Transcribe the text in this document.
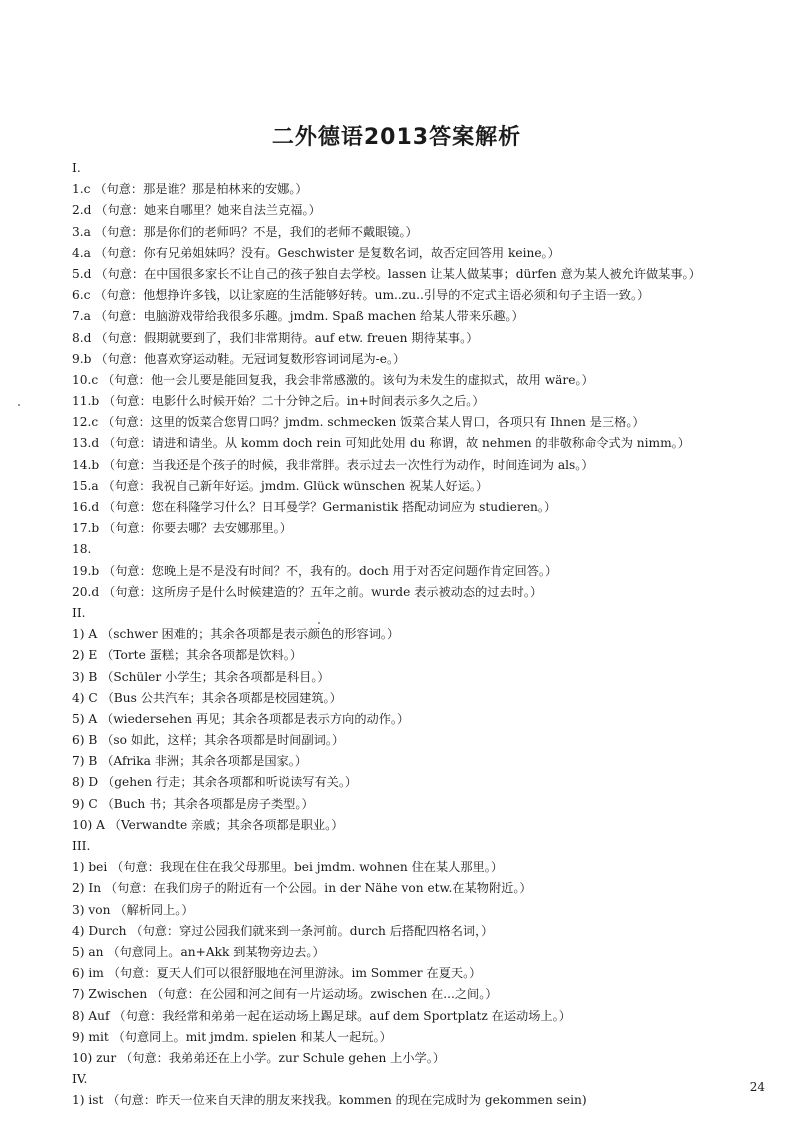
二外德语2013答案解析
I.
1.c （句意：那是谁？那是柏林来的安娜。）
2.d （句意：她来自哪里？她来自法兰克福。）
3.a （句意：那是你们的老师吗？不是，我们的老师不戴眼镜。）
4.a （句意：你有兄弟姐妹吗？没有。Geschwister 是复数名词，故否定回答用 keine。）
5.d （句意：在中国很多家长不让自己的孩子独自去学校。lassen 让某人做某事；dürfen 意为某人被允许做某事。）
6.c （句意：他想挣许多钱，以让家庭的生活能够好转。um..zu..引导的不定式主语必须和句子主语一致。）
7.a （句意：电脑游戏带给我很多乐趣。jmdm. Spaß machen 给某人带来乐趣。）
8.d （句意：假期就要到了，我们非常期待。auf etw. freuen 期待某事。）
9.b （句意：他喜欢穿运动鞋。无冠词复数形容词词尾为-e。）
10.c （句意：他一会儿要是能回复我，我会非常感激的。该句为未发生的虚拟式，故用 wäre。）
11.b （句意：电影什么时候开始？二十分钟之后。in+时间表示多久之后。）
12.c （句意：这里的饭菜合您胃口吗？jmdm. schmecken 饭菜合某人胃口，各项只有 Ihnen 是三格。）
13.d （句意：请进和请坐。从 komm doch rein 可知此处用 du 称谓，故 nehmen 的非敬称命令式为 nimm。）
14.b （句意：当我还是个孩子的时候，我非常胖。表示过去一次性行为动作，时间连词为 als。）
15.a （句意：我祝自己新年好运。jmdm. Glück wünschen 祝某人好运。）
16.d （句意：您在科隆学习什么？日耳曼学？Germanistik 搭配动词应为 studieren。）
17.b （句意：你要去哪？去安娜那里。）
18.
19.b （句意：您晚上是不是没有时间？不，我有的。doch 用于对否定问题作肯定回答。）
20.d （句意：这所房子是什么时候建造的？五年之前。wurde 表示被动态的过去时。）
II.
1) A （schwer 困难的；其余各项都是表示颜色的形容词。）
2) E （Torte 蛋糕；其余各项都是饮料。）
3) B （Schüler 小学生；其余各项都是科目。）
4) C （Bus 公共汽车；其余各项都是校园建筑。）
5) A （wiedersehen 再见；其余各项都是表示方向的动作。）
6) B （so 如此，这样；其余各项都是时间副词。）
7) B （Afrika 非洲；其余各项都是国家。）
8) D （gehen 行走；其余各项都和听说读写有关。）
9) C （Buch 书；其余各项都是房子类型。）
10) A （Verwandte 亲戚；其余各项都是职业。）
III.
1) bei （句意：我现在住在我父母那里。bei jmdm. wohnen 住在某人那里。）
2) In （句意：在我们房子的附近有一个公园。in der Nähe von etw.在某物附近。）
3) von （解析同上。）
4) Durch （句意：穿过公园我们就来到一条河前。durch 后搭配四格名词，）
5) an （句意同上。an+Akk 到某物旁边去。）
6) im （句意：夏天人们可以很舒服地在河里游泳。im Sommer 在夏天。）
7) Zwischen （句意：在公园和河之间有一片运动场。zwischen 在...之间。）
8) Auf （句意：我经常和弟弟一起在运动场上踢足球。auf dem Sportplatz 在运动场上。）
9) mit （句意同上。mit jmdm. spielen 和某人一起玩。）
10) zur （句意：我弟弟还在上小学。zur Schule gehen 上小学。）
IV.
1) ist （句意：昨天一位来自天津的朋友来找我。kommen 的现在完成时为 gekommen sein)
24
